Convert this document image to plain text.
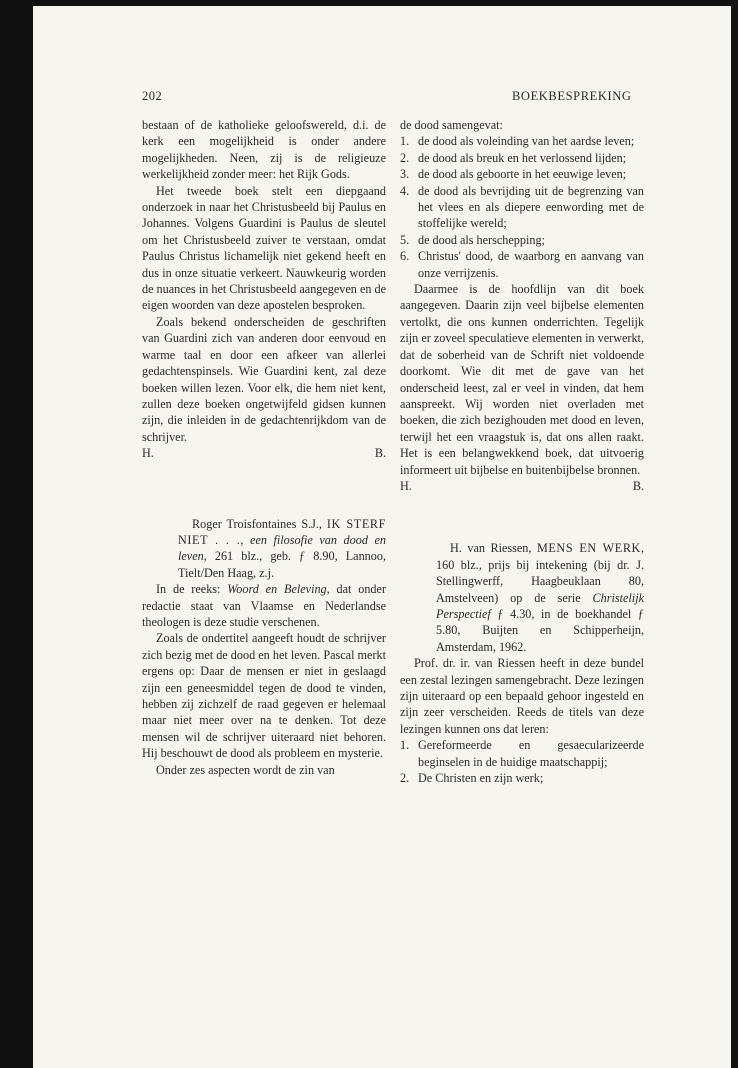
202	BOEKBESPREKING

bestaan of de katholieke geloofswereld, d.i. de kerk een mogelijkheid is onder andere mogelijkheden. Neen, zij is de religieuze werkelijkheid zonder meer: het Rijk Gods.

Het tweede boek stelt een diepgaand onderzoek in naar het Christusbeeld bij Paulus en Johannes. Volgens Guardini is Paulus de sleutel om het Christusbeeld zuiver te verstaan, omdat Paulus Christus lichamelijk niet gekend heeft en dus in onze situatie verkeert. Nauwkeurig worden de nuances in het Christusbeeld aangegeven en de eigen woorden van deze apostelen besproken.

Zoals bekend onderscheiden de geschriften van Guardini zich van anderen door eenvoud en warme taal en door een afkeer van allerlei gedachtenspinsels. Wie Guardini kent, zal deze boeken willen lezen. Voor elk, die hem niet kent, zullen deze boeken ongetwijfeld gidsen kunnen zijn, die inleiden in de gedachtenrijkdom van de schrijver.

H.	B.

Roger Troisfontaines S.J., IK STERF NIET . . ., een filosofie van dood en leven, 261 blz., geb. ƒ 8.90, Lannoo, Tielt/Den Haag, z.j.

In de reeks: Woord en Beleving, dat onder redactie staat van Vlaamse en Nederlandse theologen is deze studie verschenen.

Zoals de ondertitel aangeeft houdt de schrijver zich bezig met de dood en het leven. Pascal merkt ergens op: Daar de mensen er niet in geslaagd zijn een geneesmiddel tegen de dood te vinden, hebben zij zichzelf de raad gegeven er helemaal maar niet meer over na te denken. Tot deze mensen wil de schrijver uiteraard niet behoren. Hij beschouwt de dood als probleem en mysterie.

Onder zes aspecten wordt de zin van

de dood samengevat:

1. de dood als voleinding van het aardse leven;
2. de dood als breuk en het verlossend lijden;
3. de dood als geboorte in het eeuwige leven;
4. de dood als bevrijding uit de begrenzing van het vlees en als diepere eenwording met de stoffelijke wereld;
5. de dood als herschepping;
6. Christus' dood, de waarborg en aanvang van onze verrijzenis.

Daarmee is de hoofdlijn van dit boek aangegeven. Daarin zijn veel bijbelse elementen vertolkt, die ons kunnen onderrichten. Tegelijk zijn er zoveel speculatieve elementen in verwerkt, dat de soberheid van de Schrift niet voldoende doorkomt. Wie dit met de gave van het onderscheid leest, zal er veel in vinden, dat hem aanspreekt. Wij worden niet overladen met boeken, die zich bezighouden met dood en leven, terwijl het een vraagstuk is, dat ons allen raakt. Het is een belangwekkend boek, dat uitvoerig informeert uit bijbelse en buitenbijbelse bronnen.

H.	B.

H. van Riessen, MENS EN WERK, 160 blz., prijs bij intekening (bij dr. J. Stellingwerff, Haagbeuklaan 80, Amstelveen) op de serie Christelijk Perspectief ƒ 4.30, in de boekhandel ƒ 5.80, Buijten en Schipperheijn, Amsterdam, 1962.

Prof. dr. ir. van Riessen heeft in deze bundel een zestal lezingen samengebracht. Deze lezingen zijn uiteraard op een bepaald gehoor ingesteld en zijn zeer verscheiden. Reeds de titels van deze lezingen kunnen ons dat leren:

1. Gereformeerde en gesaecularizeerde beginselen in de huidige maatschappij;
2. De Christen en zijn werk;
